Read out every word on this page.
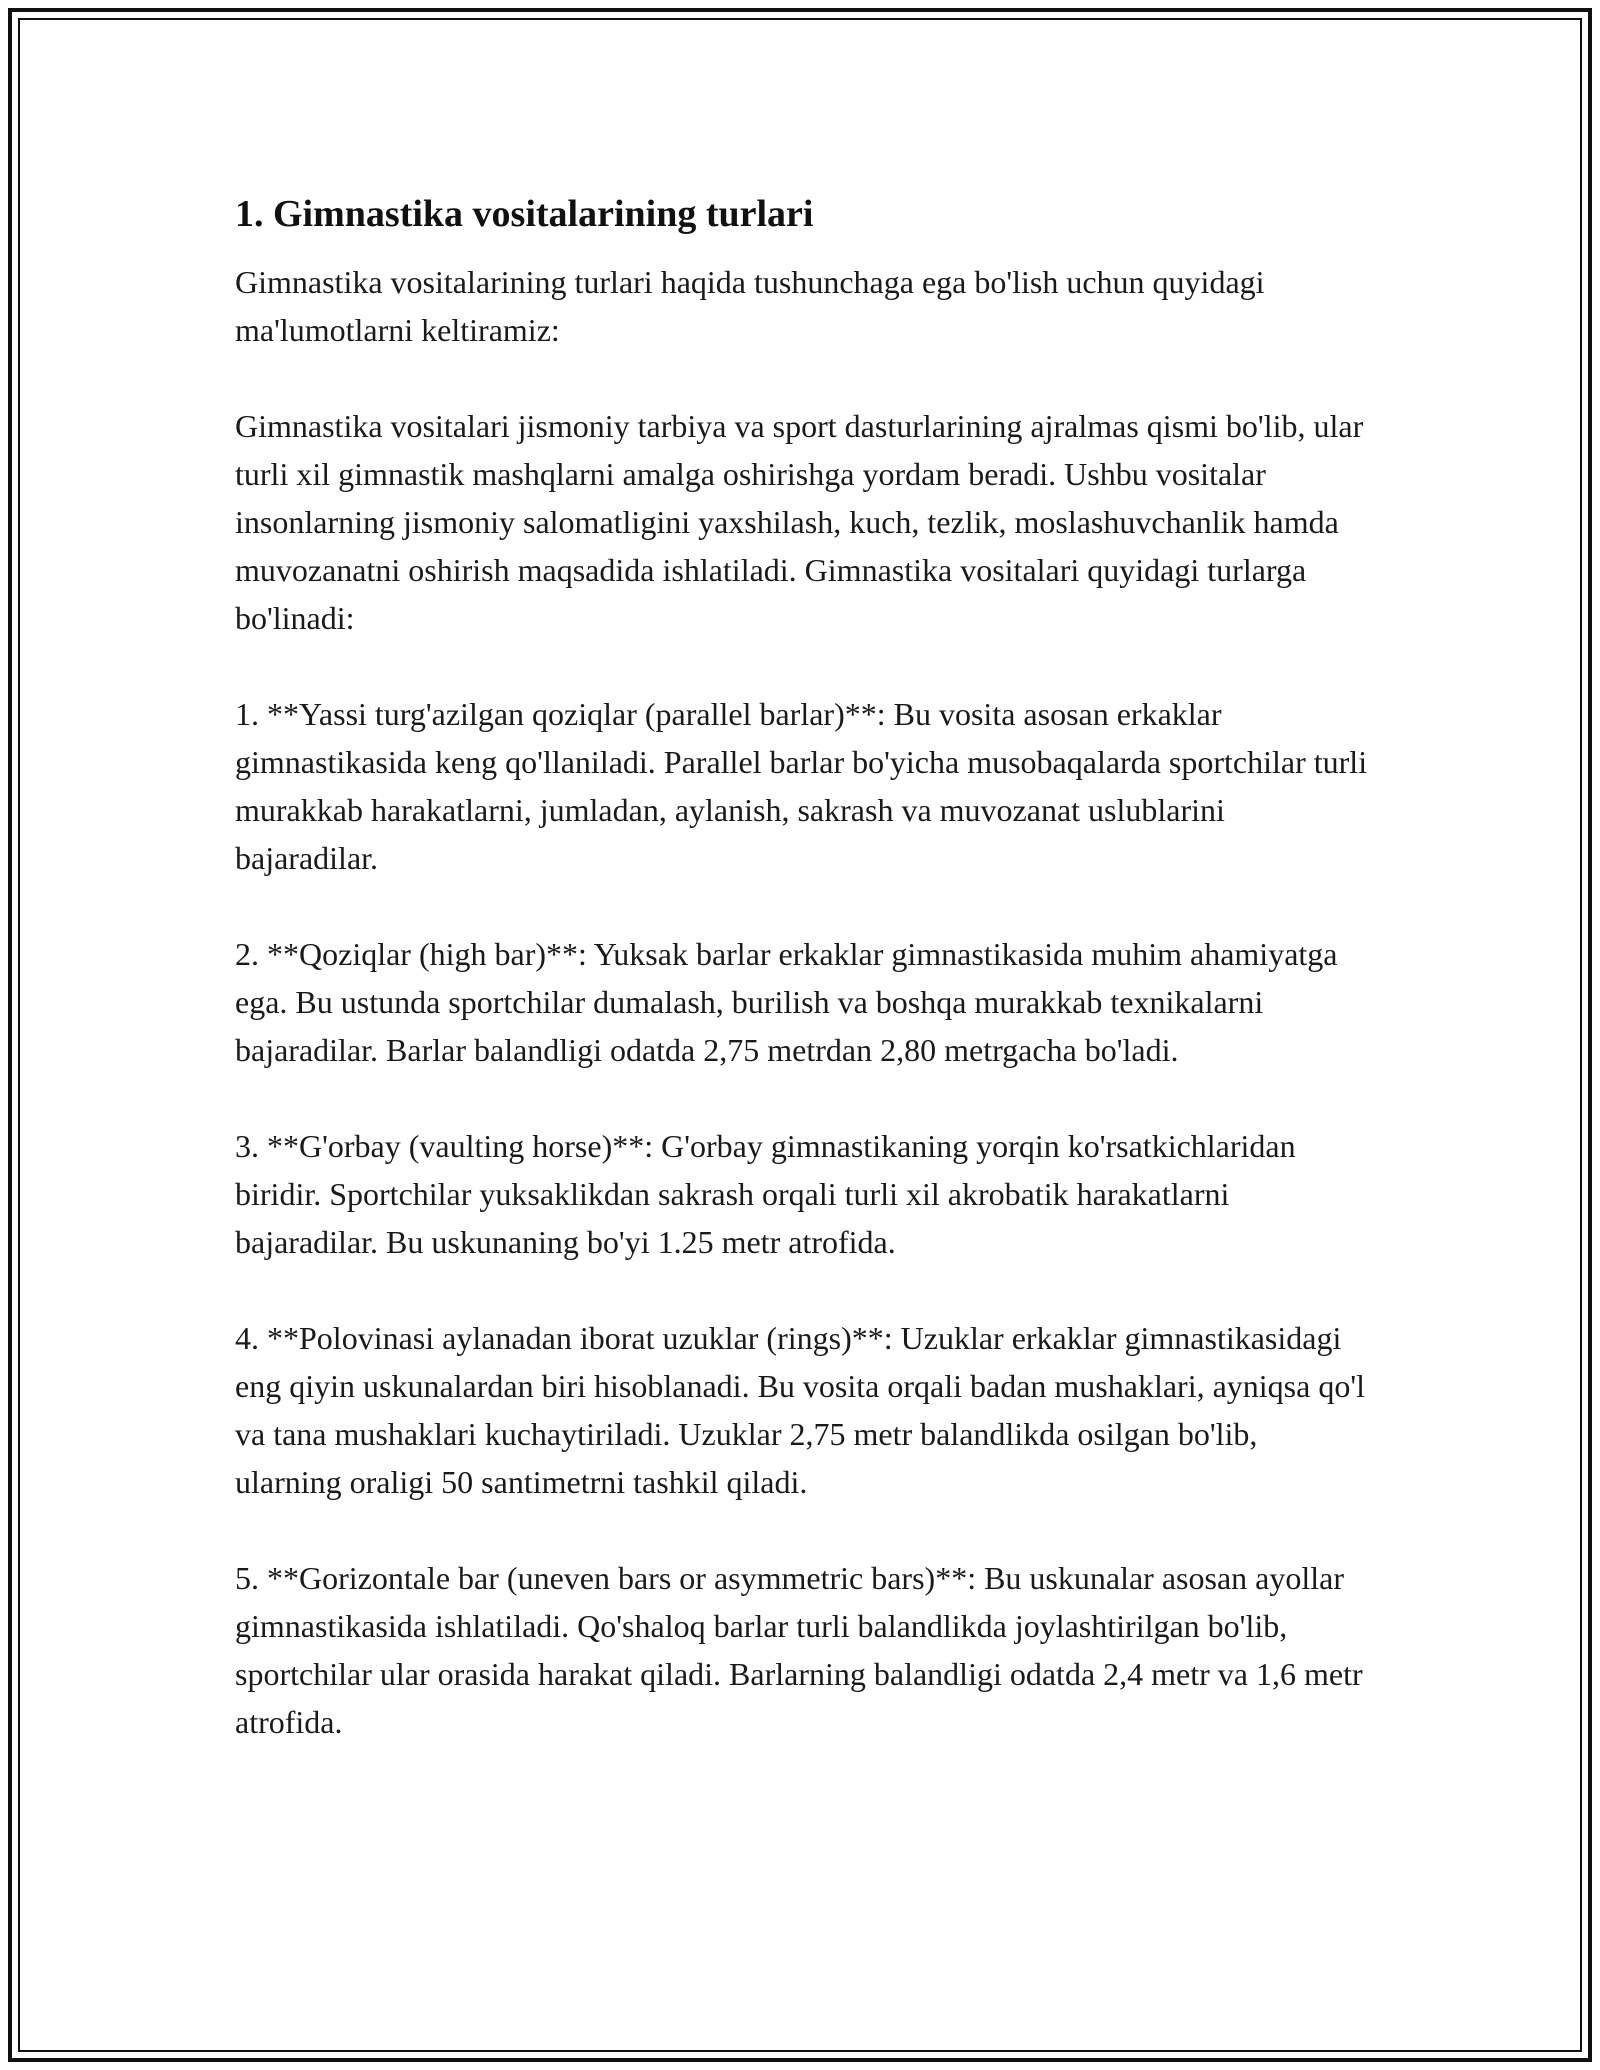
1. Gimnastika vositalarining turlari

Gimnastika vositalarining turlari haqida tushunchaga ega bo'lish uchun quyidagi ma'lumotlarni keltiramiz:

Gimnastika vositalari jismoniy tarbiya va sport dasturlarining ajralmas qismi bo'lib, ular turli xil gimnastik mashqlarni amalga oshirishga yordam beradi. Ushbu vositalar insonlarning jismoniy salomatligini yaxshilash, kuch, tezlik, moslashuvchanlik hamda muvozanatni oshirish maqsadida ishlatiladi. Gimnastika vositalari quyidagi turlarga bo'linadi:

1. **Yassi turg'azilgan qoziqlar (parallel barlar)**: Bu vosita asosan erkaklar gimnastikasida keng qo'llaniladi. Parallel barlar bo'yicha musobaqalarda sportchilar turli murakkab harakatlarni, jumladan, aylanish, sakrash va muvozanat uslublarini bajaradilar.

2. **Qoziqlar (high bar)**: Yuksak barlar erkaklar gimnastikasida muhim ahamiyatga ega. Bu ustunda sportchilar dumalash, burilish va boshqa murakkab texnikalarni bajaradilar. Barlar balandligi odatda 2,75 metrdan 2,80 metrgacha bo'ladi.

3. **G'orbay (vaulting horse)**: G'orbay gimnastikaning yorqin ko'rsatkichlaridan biridir. Sportchilar yuksaklikdan sakrash orqali turli xil akrobatik harakatlarni bajaradilar. Bu uskunaning bo'yi 1.25 metr atrofida.

4. **Polovinasi aylanadan iborat uzuklar (rings)**: Uzuklar erkaklar gimnastikasidagi eng qiyin uskunalardan biri hisoblanadi. Bu vosita orqali badan mushaklari, ayniqsa qo'l va tana mushaklari kuchaytiriladi. Uzuklar 2,75 metr balandlikda osilgan bo'lib, ularning oraligi 50 santimetrni tashkil qiladi.

5. **Gorizontale bar (uneven bars or asymmetric bars)**: Bu uskunalar asosan ayollar gimnastikasida ishlatiladi. Qo'shaloq barlar turli balandlikda joylashtirilgan bo'lib, sportchilar ular orasida harakat qiladi. Barlarning balandligi odatda 2,4 metr va 1,6 metr atrofida.
